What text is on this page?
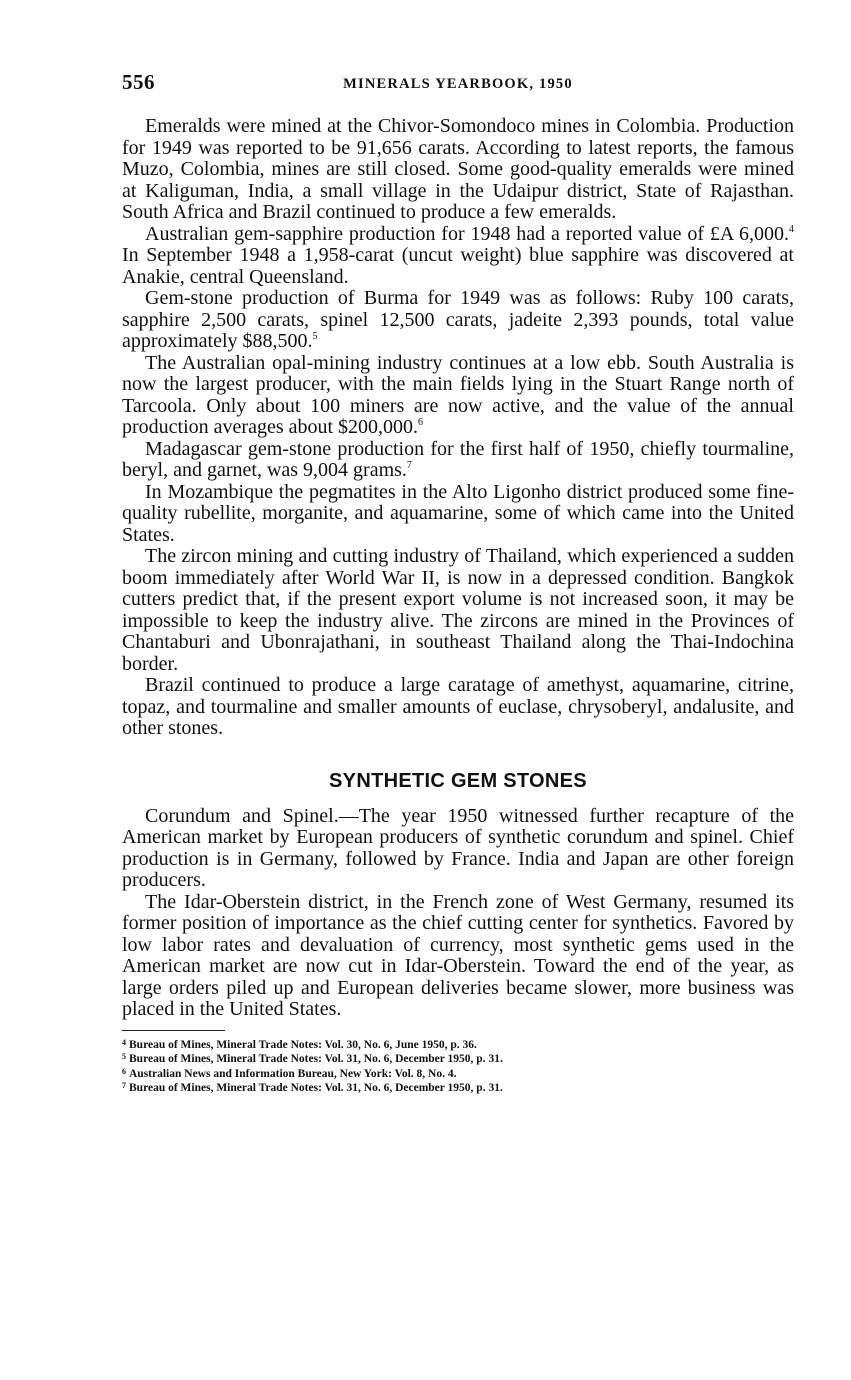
556	MINERALS YEARBOOK, 1950

Emeralds were mined at the Chivor-Somondoco mines in Colombia. Production for 1949 was reported to be 91,656 carats. According to latest reports, the famous Muzo, Colombia, mines are still closed. Some good-quality emeralds were mined at Kaliguman, India, a small village in the Udaipur district, State of Rajasthan. South Africa and Brazil continued to produce a few emeralds.

Australian gem-sapphire production for 1948 had a reported value of £A 6,000.$^4$ In September 1948 a 1,958-carat (uncut weight) blue sapphire was discovered at Anakie, central Queensland.

Gem-stone production of Burma for 1949 was as follows: Ruby 100 carats, sapphire 2,500 carats, spinel 12,500 carats, jadeite 2,393 pounds, total value approximately $88,500.$^5$

The Australian opal-mining industry continues at a low ebb. South Australia is now the largest producer, with the main fields lying in the Stuart Range north of Tarcoola. Only about 100 miners are now active, and the value of the annual production averages about $200,000.$^6$

Madagascar gem-stone production for the first half of 1950, chiefly tourmaline, beryl, and garnet, was 9,004 grams.$^7$

In Mozambique the pegmatites in the Alto Ligonho district produced some fine-quality rubellite, morganite, and aquamarine, some of which came into the United States.

The zircon mining and cutting industry of Thailand, which experienced a sudden boom immediately after World War II, is now in a depressed condition. Bangkok cutters predict that, if the present export volume is not increased soon, it may be impossible to keep the industry alive. The zircons are mined in the Provinces of Chantaburi and Ubonrajathani, in southeast Thailand along the Thai-Indochina border.

Brazil continued to produce a large caratage of amethyst, aquamarine, citrine, topaz, and tourmaline and smaller amounts of euclase, chrysoberyl, andalusite, and other stones.

SYNTHETIC GEM STONES

Corundum and Spinel.—The year 1950 witnessed further recapture of the American market by European producers of synthetic corundum and spinel. Chief production is in Germany, followed by France. India and Japan are other foreign producers.

The Idar-Oberstein district, in the French zone of West Germany, resumed its former position of importance as the chief cutting center for synthetics. Favored by low labor rates and devaluation of currency, most synthetic gems used in the American market are now cut in Idar-Oberstein. Toward the end of the year, as large orders piled up and European deliveries became slower, more business was placed in the United States.

$^4$ Bureau of Mines, Mineral Trade Notes: Vol. 30, No. 6, June 1950, p. 36.
$^5$ Bureau of Mines, Mineral Trade Notes: Vol. 31, No. 6, December 1950, p. 31.
$^6$ Australian News and Information Bureau, New York: Vol. 8, No. 4.
$^7$ Bureau of Mines, Mineral Trade Notes: Vol. 31, No. 6, December 1950, p. 31.
